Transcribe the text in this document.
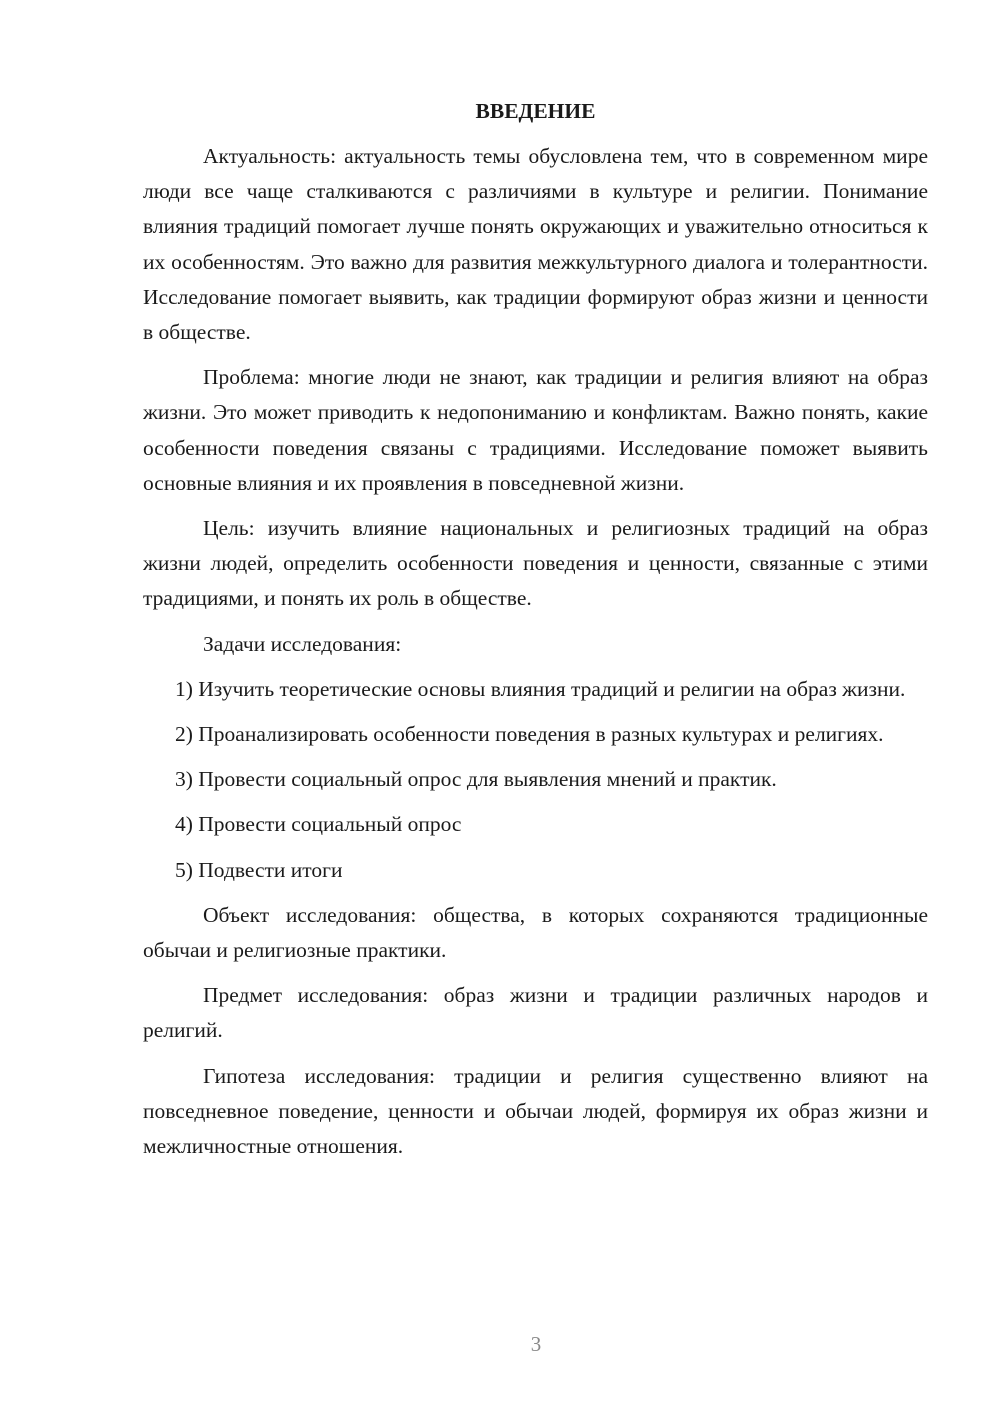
ВВЕДЕНИЕ

Актуальность: актуальность темы обусловлена тем, что в современном мире люди все чаще сталкиваются с различиями в культуре и религии. Понимание влияния традиций помогает лучше понять окружающих и уважительно относиться к их особенностям. Это важно для развития межкультурного диалога и толерантности. Исследование помогает выявить, как традиции формируют образ жизни и ценности в обществе.

Проблема: многие люди не знают, как традиции и религия влияют на образ жизни. Это может приводить к недопониманию и конфликтам. Важно понять, какие особенности поведения связаны с традициями. Исследование поможет выявить основные влияния и их проявления в повседневной жизни.

Цель: изучить влияние национальных и религиозных традиций на образ жизни людей, определить особенности поведения и ценности, связанные с этими традициями, и понять их роль в обществе.

Задачи исследования:

1) Изучить теоретические основы влияния традиций и религии на образ жизни.

2) Проанализировать особенности поведения в разных культурах и религиях.

3) Провести социальный опрос для выявления мнений и практик.

4) Провести социальный опрос

5) Подвести итоги

Объект исследования: общества, в которых сохраняются традиционные обычаи и религиозные практики.

Предмет исследования: образ жизни и традиции различных народов и религий.

Гипотеза исследования: традиции и религия существенно влияют на повседневное поведение, ценности и обычаи людей, формируя их образ жизни и межличностные отношения.

3
